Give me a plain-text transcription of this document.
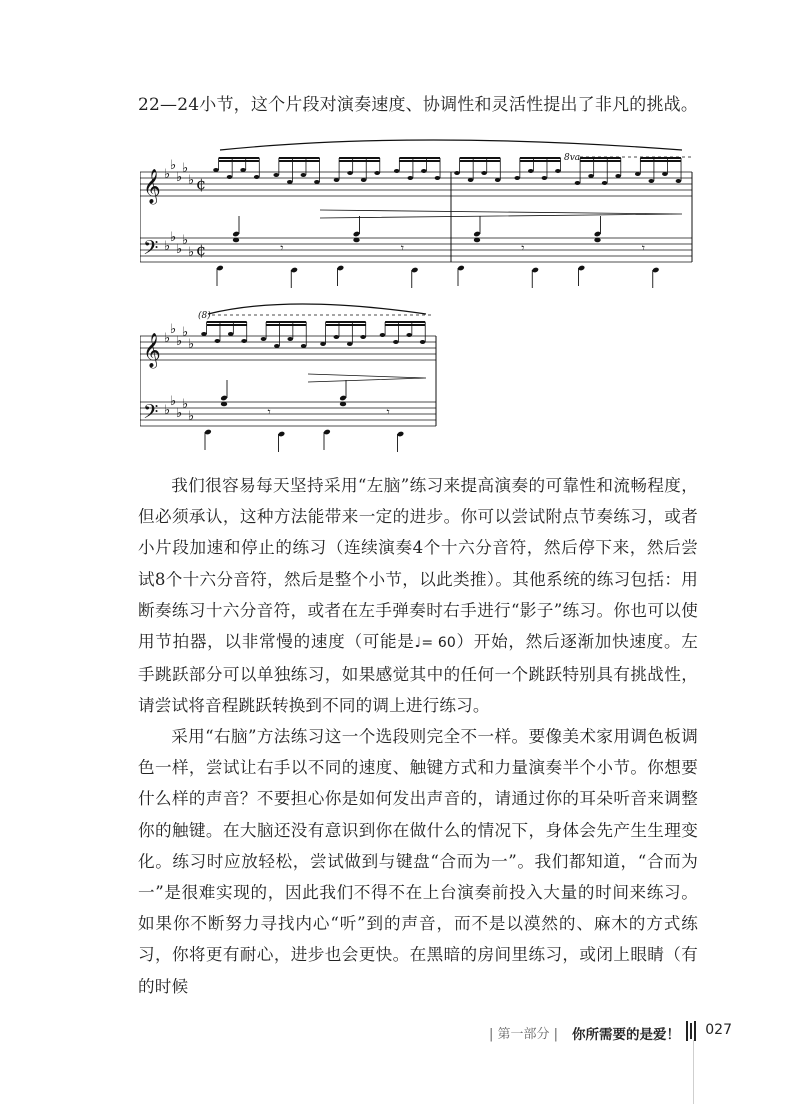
22—24小节，这个片段对演奏速度、协调性和灵活性提出了非凡的挑战。
𝄞
𝄢
♭
♭
♭
♭
♭
♭
♭
♭
♭
♭
¢
¢	𝄾	𝄾	𝄾	𝄾
𝄞
𝄢
♭
♭
♭
♭
♭
♭
♭
♭
♭
♭	𝄾	𝄾
8va
(8)

我们很容易每天坚持采用“左脑”练习来提高演奏的可靠性和流畅程度，但必须承认，这种方法能带来一定的进步。你可以尝试附点节奏练习，或者小片段加速和停止的练习（连续演奏4个十六分音符，然后停下来，然后尝试8个十六分音符，然后是整个小节，以此类推）。其他系统的练习包括：用断奏练习十六分音符，或者在左手弹奏时右手进行“影子”练习。你也可以使用节拍器，以非常慢的速度（可能是♩= 60）开始，然后逐渐加快速度。左手跳跃部分可以单独练习，如果感觉其中的任何一个跳跃特别具有挑战性，请尝试将音程跳跃转换到不同的调上进行练习。

采用“右脑”方法练习这一个选段则完全不一样。要像美术家用调色板调色一样，尝试让右手以不同的速度、触键方式和力量演奏半个小节。你想要什么样的声音？不要担心你是如何发出声音的，请通过你的耳朵听音来调整你的触键。在大脑还没有意识到你在做什么的情况下，身体会先产生生理变化。练习时应放轻松，尝试做到与键盘“合而为一”。我们都知道，“合而为一”是很难实现的，因此我们不得不在上台演奏前投入大量的时间来练习。如果你不断努力寻找内心“听”到的声音，而不是以漠然的、麻木的方式练习，你将更有耐心，进步也会更快。在黑暗的房间里练习，或闭上眼睛（有的时候

| 第一部分 | 你所需要的是爱！ 027
